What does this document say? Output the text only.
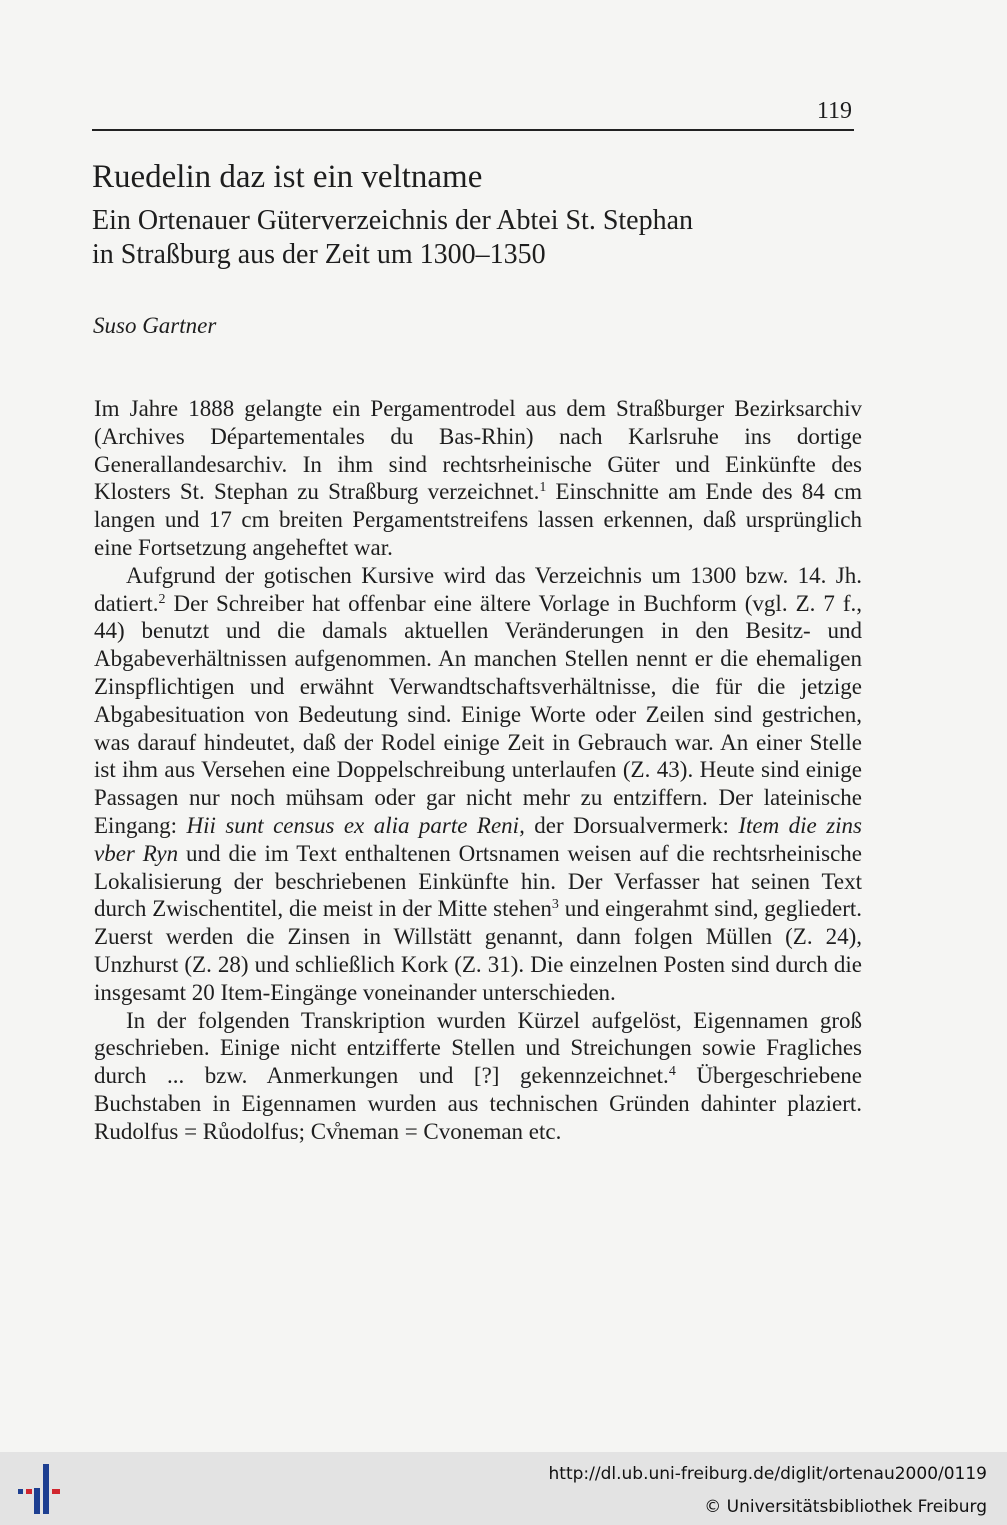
119
Ruedelin daz ist ein veltname
Ein Ortenauer Güterverzeichnis der Abtei St. Stephan
in Straßburg aus der Zeit um 1300–1350
Suso Gartner

Im Jahre 1888 gelangte ein Pergamentrodel aus dem Straßburger Bezirksarchiv (Archives Départementales du Bas-Rhin) nach Karlsruhe ins dortige Generallandesarchiv. In ihm sind rechtsrheinische Güter und Einkünfte des Klosters St. Stephan zu Straßburg verzeichnet.$^1$ Einschnitte am Ende des 84 cm langen und 17 cm breiten Pergamentstreifens lassen erkennen, daß ursprünglich eine Fortsetzung angeheftet war.

Aufgrund der gotischen Kursive wird das Verzeichnis um 1300 bzw. 14. Jh. datiert.$^2$ Der Schreiber hat offenbar eine ältere Vorlage in Buchform (vgl. Z. 7 f., 44) benutzt und die damals aktuellen Veränderungen in den Besitz- und Abgabeverhältnissen aufgenommen. An manchen Stellen nennt er die ehemaligen Zinspflichtigen und erwähnt Verwandtschaftsverhältnisse, die für die jetzige Abgabesituation von Bedeutung sind. Einige Worte oder Zeilen sind gestrichen, was darauf hindeutet, daß der Rodel einige Zeit in Gebrauch war. An einer Stelle ist ihm aus Versehen eine Doppelschreibung unterlaufen (Z. 43). Heute sind einige Passagen nur noch mühsam oder gar nicht mehr zu entziffern. Der lateinische Eingang: Hii sunt census ex alia parte Reni, der Dorsualvermerk: Item die zins vber Ryn und die im Text enthaltenen Ortsnamen weisen auf die rechtsrheinische Lokalisierung der beschriebenen Einkünfte hin. Der Verfasser hat seinen Text durch Zwischentitel, die meist in der Mitte stehen$^3$ und eingerahmt sind, gegliedert. Zuerst werden die Zinsen in Willstätt genannt, dann folgen Müllen (Z. 24), Unzhurst (Z. 28) und schließlich Kork (Z. 31). Die einzelnen Posten sind durch die insgesamt 20 Item-Eingänge voneinander unterschieden.

In der folgenden Transkription wurden Kürzel aufgelöst, Eigennamen groß geschrieben. Einige nicht entzifferte Stellen und Streichungen sowie Fragliches durch ... bzw. Anmerkungen und [?] gekennzeichnet.$^4$ Übergeschriebene Buchstaben in Eigennamen wurden aus technischen Gründen dahinter plaziert. Rudolfus = Růodolfus; Cv̊neman = Cvoneman etc.

http://dl.ub.uni-freiburg.de/diglit/ortenau2000/0119
© Universitätsbibliothek Freiburg
